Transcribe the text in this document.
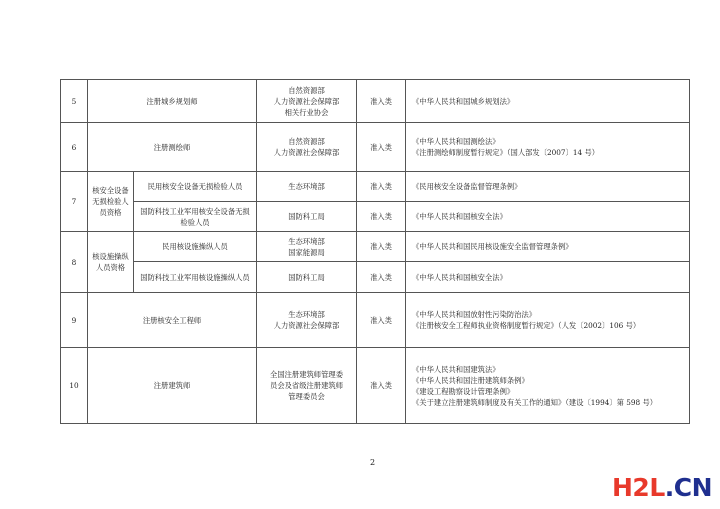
5	注册城乡规划师		自然资源部
人力资源社会保障部
相关行业协会	准入类	《中华人民共和国城乡规划法》

6	注册测绘师		自然资源部
人力资源社会保障部	准入类	《中华人民共和国测绘法》
《注册测绘师制度暂行规定》（国人部发〔2007〕14 号）

7	核安全设备无损检验人员资格	民用核安全设备无损检验人员	生态环境部	准入类	《民用核安全设备监督管理条例》

		国防科技工业军用核安全设备无损检验人员	国防科工局	准入类	《中华人民共和国核安全法》

8	核设施操纵人员资格	民用核设施操纵人员	生态环境部
国家能源局	准入类	《中华人民共和国民用核设施安全监督管理条例》

		国防科技工业军用核设施操纵人员	国防科工局	准入类	《中华人民共和国核安全法》

9	注册核安全工程师		生态环境部
人力资源社会保障部	准入类	《中华人民共和国放射性污染防治法》
《注册核安全工程师执业资格制度暂行规定》（人发〔2002〕106 号）

10	注册建筑师		全国注册建筑师管理委
员会及省级注册建筑师
管理委员会	准入类	《中华人民共和国建筑法》
《中华人民共和国注册建筑师条例》
《建设工程勘察设计管理条例》
《关于建立注册建筑师制度及有关工作的通知》（建设〔1994〕第 598 号）
2
H2L.CN
